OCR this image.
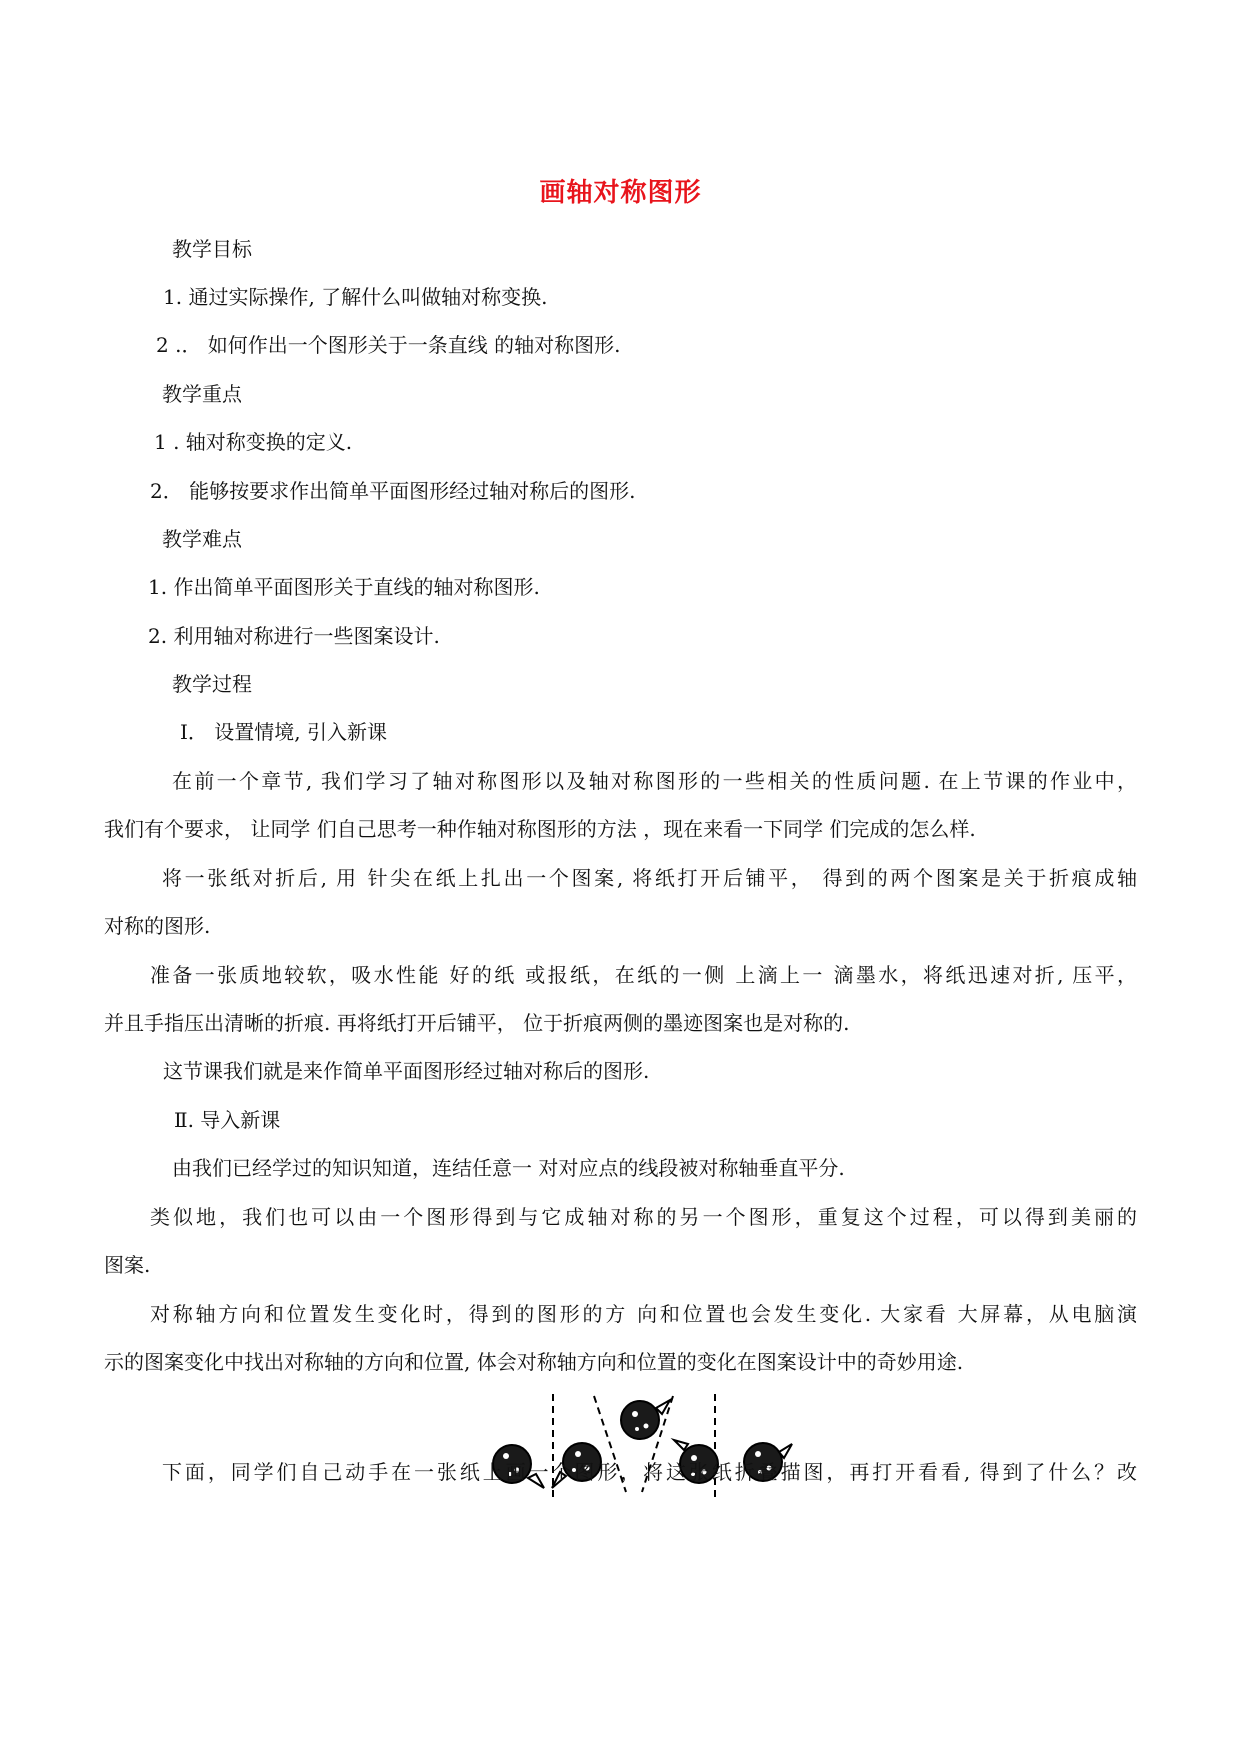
画轴对称图形
教学目标
1. 通过实际操作, 了解什么叫做轴对称变换.
2 .． 如何作出一个图形关于一条直线 的轴对称图形.
教学重点
1 . 轴对称变换的定义.
2． 能够按要求作出简单平面图形经过轴对称后的图形.
教学难点
1. 作出简单平面图形关于直线的轴对称图形.
2. 利用轴对称进行一些图案设计.
教学过程
Ⅰ． 设置情境, 引入新课
在前一个章节, 我们学习了轴对称图形以及轴对称图形的一些相关的性质问题. 在上节课的作业中，
我们有个要求， 让同学 们自己思考一种作轴对称图形的方法 ，现在来看一下同学 们完成的怎么样.
将一张纸对折后, 用 针尖在纸上扎出一个图案, 将纸打开后铺平， 得到的两个图案是关于折痕成轴
对称的图形.
准备一张质地较软，吸水性能 好的纸 或报纸，在纸的一侧 上滴上一 滴墨水，将纸迅速对折, 压平，
并且手指压出清晰的折痕. 再将纸打开后铺平， 位于折痕两侧的墨迹图案也是对称的.
这节课我们就是来作简单平面图形经过轴对称后的图形.
Ⅱ. 导入新课
由我们已经学过的知识知道，连结任意一 对对应点的线段被对称轴垂直平分.
类似地，我们也可以由一个图形得到与它成轴对称的另一个图形，重复这个过程，可以得到美丽的
图案.
对称轴方向和位置发生变化时，得到的图形的方 向和位置也会发生变化. 大家看 大屏幕，从电脑演
示的图案变化中找出对称轴的方向和位置, 体会对称轴方向和位置的变化在图案设计中的奇妙用途.
下面，同学们自己动手在一张纸上画一个图形，将这张纸折叠描图，再打开看看, 得到了什么？改
